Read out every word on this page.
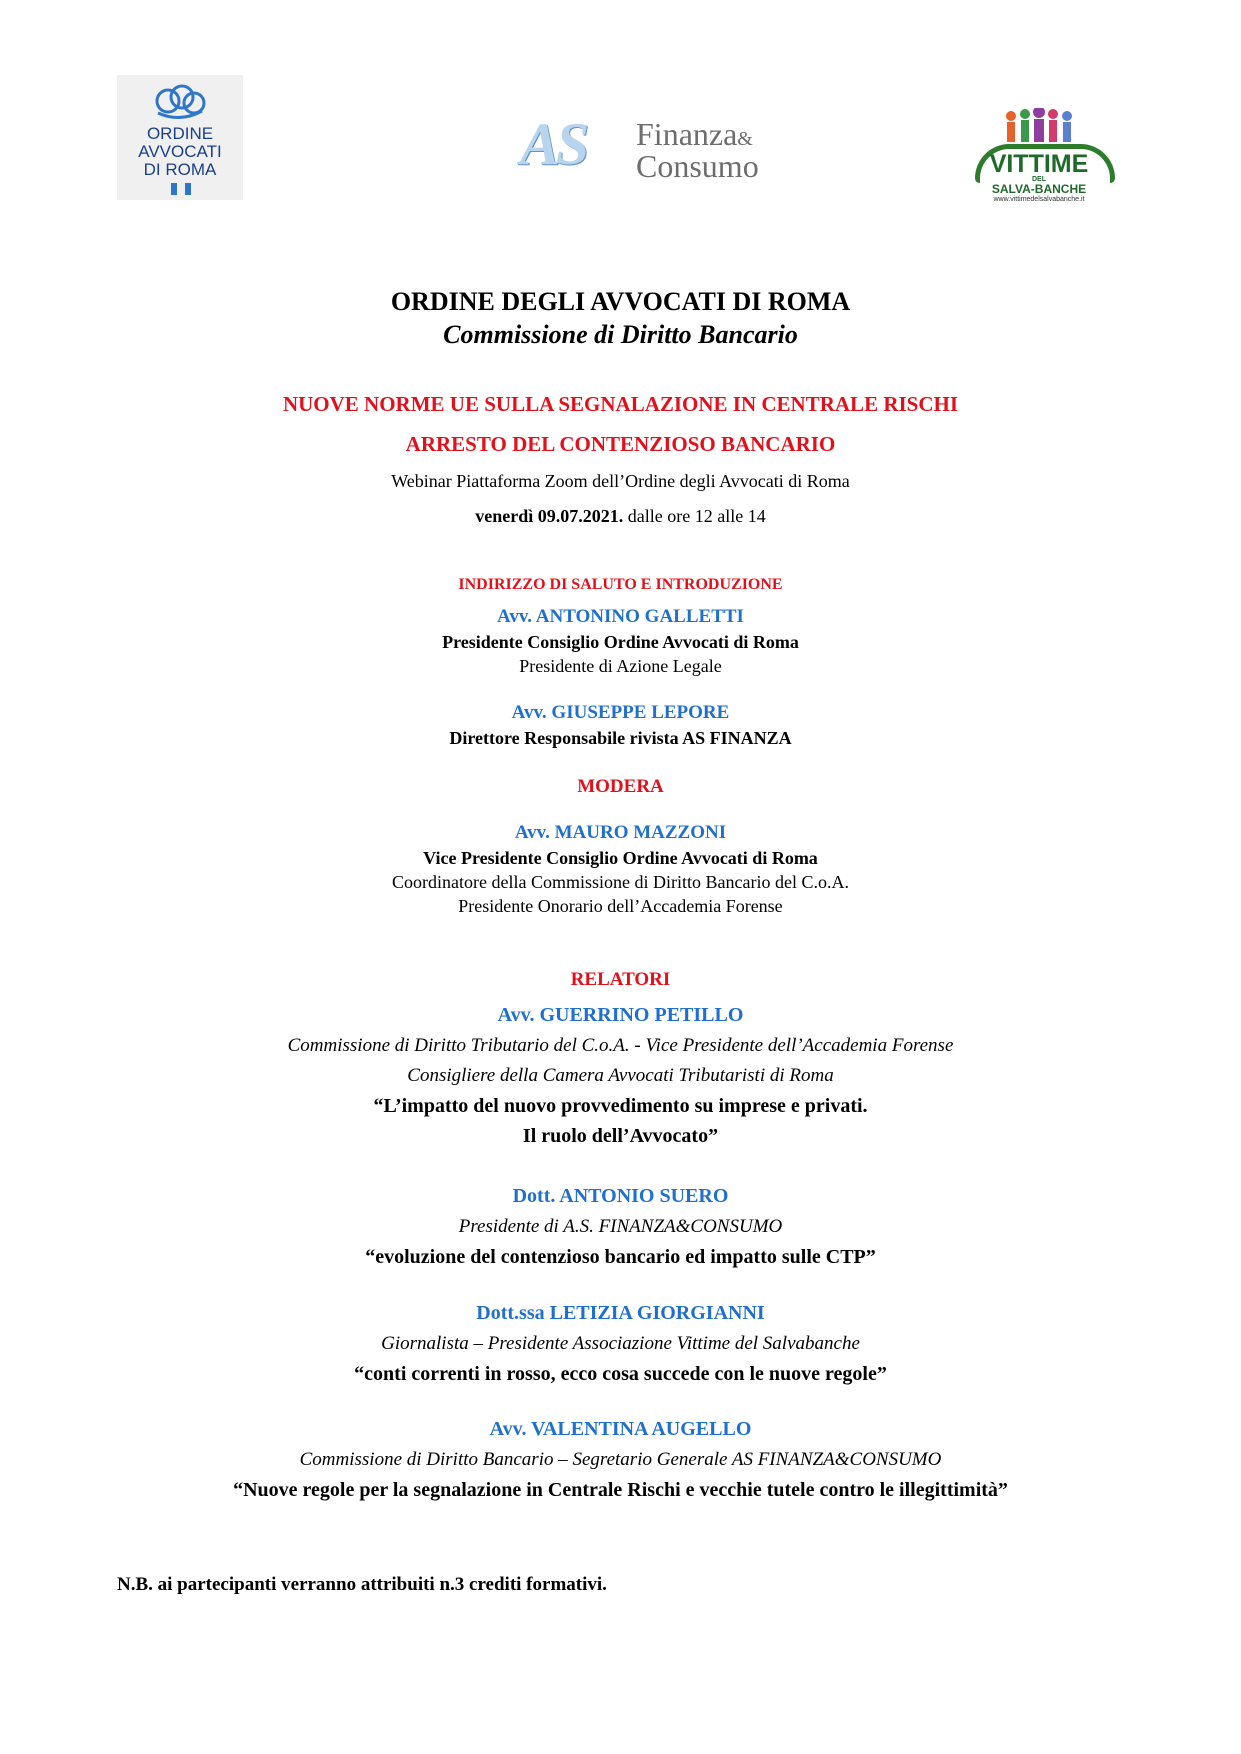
ORDINE
AVVOCATI
DI ROMA	AS Finanza&
Consumo	VITTIME
DEL
SALVA-BANCHE
www.vittimedelsalvabanche.it
ORDINE DEGLI AVVOCATI DI ROMA
Commissione di Diritto Bancario
NUOVE NORME UE SULLA SEGNALAZIONE IN CENTRALE RISCHI
ARRESTO DEL CONTENZIOSO BANCARIO
Webinar Piattaforma Zoom dell’Ordine degli Avvocati di Roma
venerdì 09.07.2021. dalle ore 12 alle 14
INDIRIZZO DI SALUTO E INTRODUZIONE
Avv. ANTONINO GALLETTI
Presidente Consiglio Ordine Avvocati di Roma
Presidente di Azione Legale
Avv. GIUSEPPE LEPORE
Direttore Responsabile rivista AS FINANZA
MODERA
Avv. MAURO MAZZONI
Vice Presidente Consiglio Ordine Avvocati di Roma
Coordinatore della Commissione di Diritto Bancario del C.o.A.
Presidente Onorario dell’Accademia Forense
RELATORI
Avv. GUERRINO PETILLO
Commissione di Diritto Tributario del C.o.A. - Vice Presidente dell’Accademia Forense
Consigliere della Camera Avvocati Tributaristi di Roma
“L’impatto del nuovo provvedimento su imprese e privati.
Il ruolo dell’Avvocato”
Dott. ANTONIO SUERO
Presidente di A.S. FINANZA&CONSUMO
“evoluzione del contenzioso bancario ed impatto sulle CTP”
Dott.ssa LETIZIA GIORGIANNI
Giornalista – Presidente Associazione Vittime del Salvabanche
“conti correnti in rosso, ecco cosa succede con le nuove regole”
Avv. VALENTINA AUGELLO
Commissione di Diritto Bancario – Segretario Generale AS FINANZA&CONSUMO
“Nuove regole per la segnalazione in Centrale Rischi e vecchie tutele contro le illegittimità”
N.B. ai partecipanti verranno attribuiti n.3 crediti formativi.
